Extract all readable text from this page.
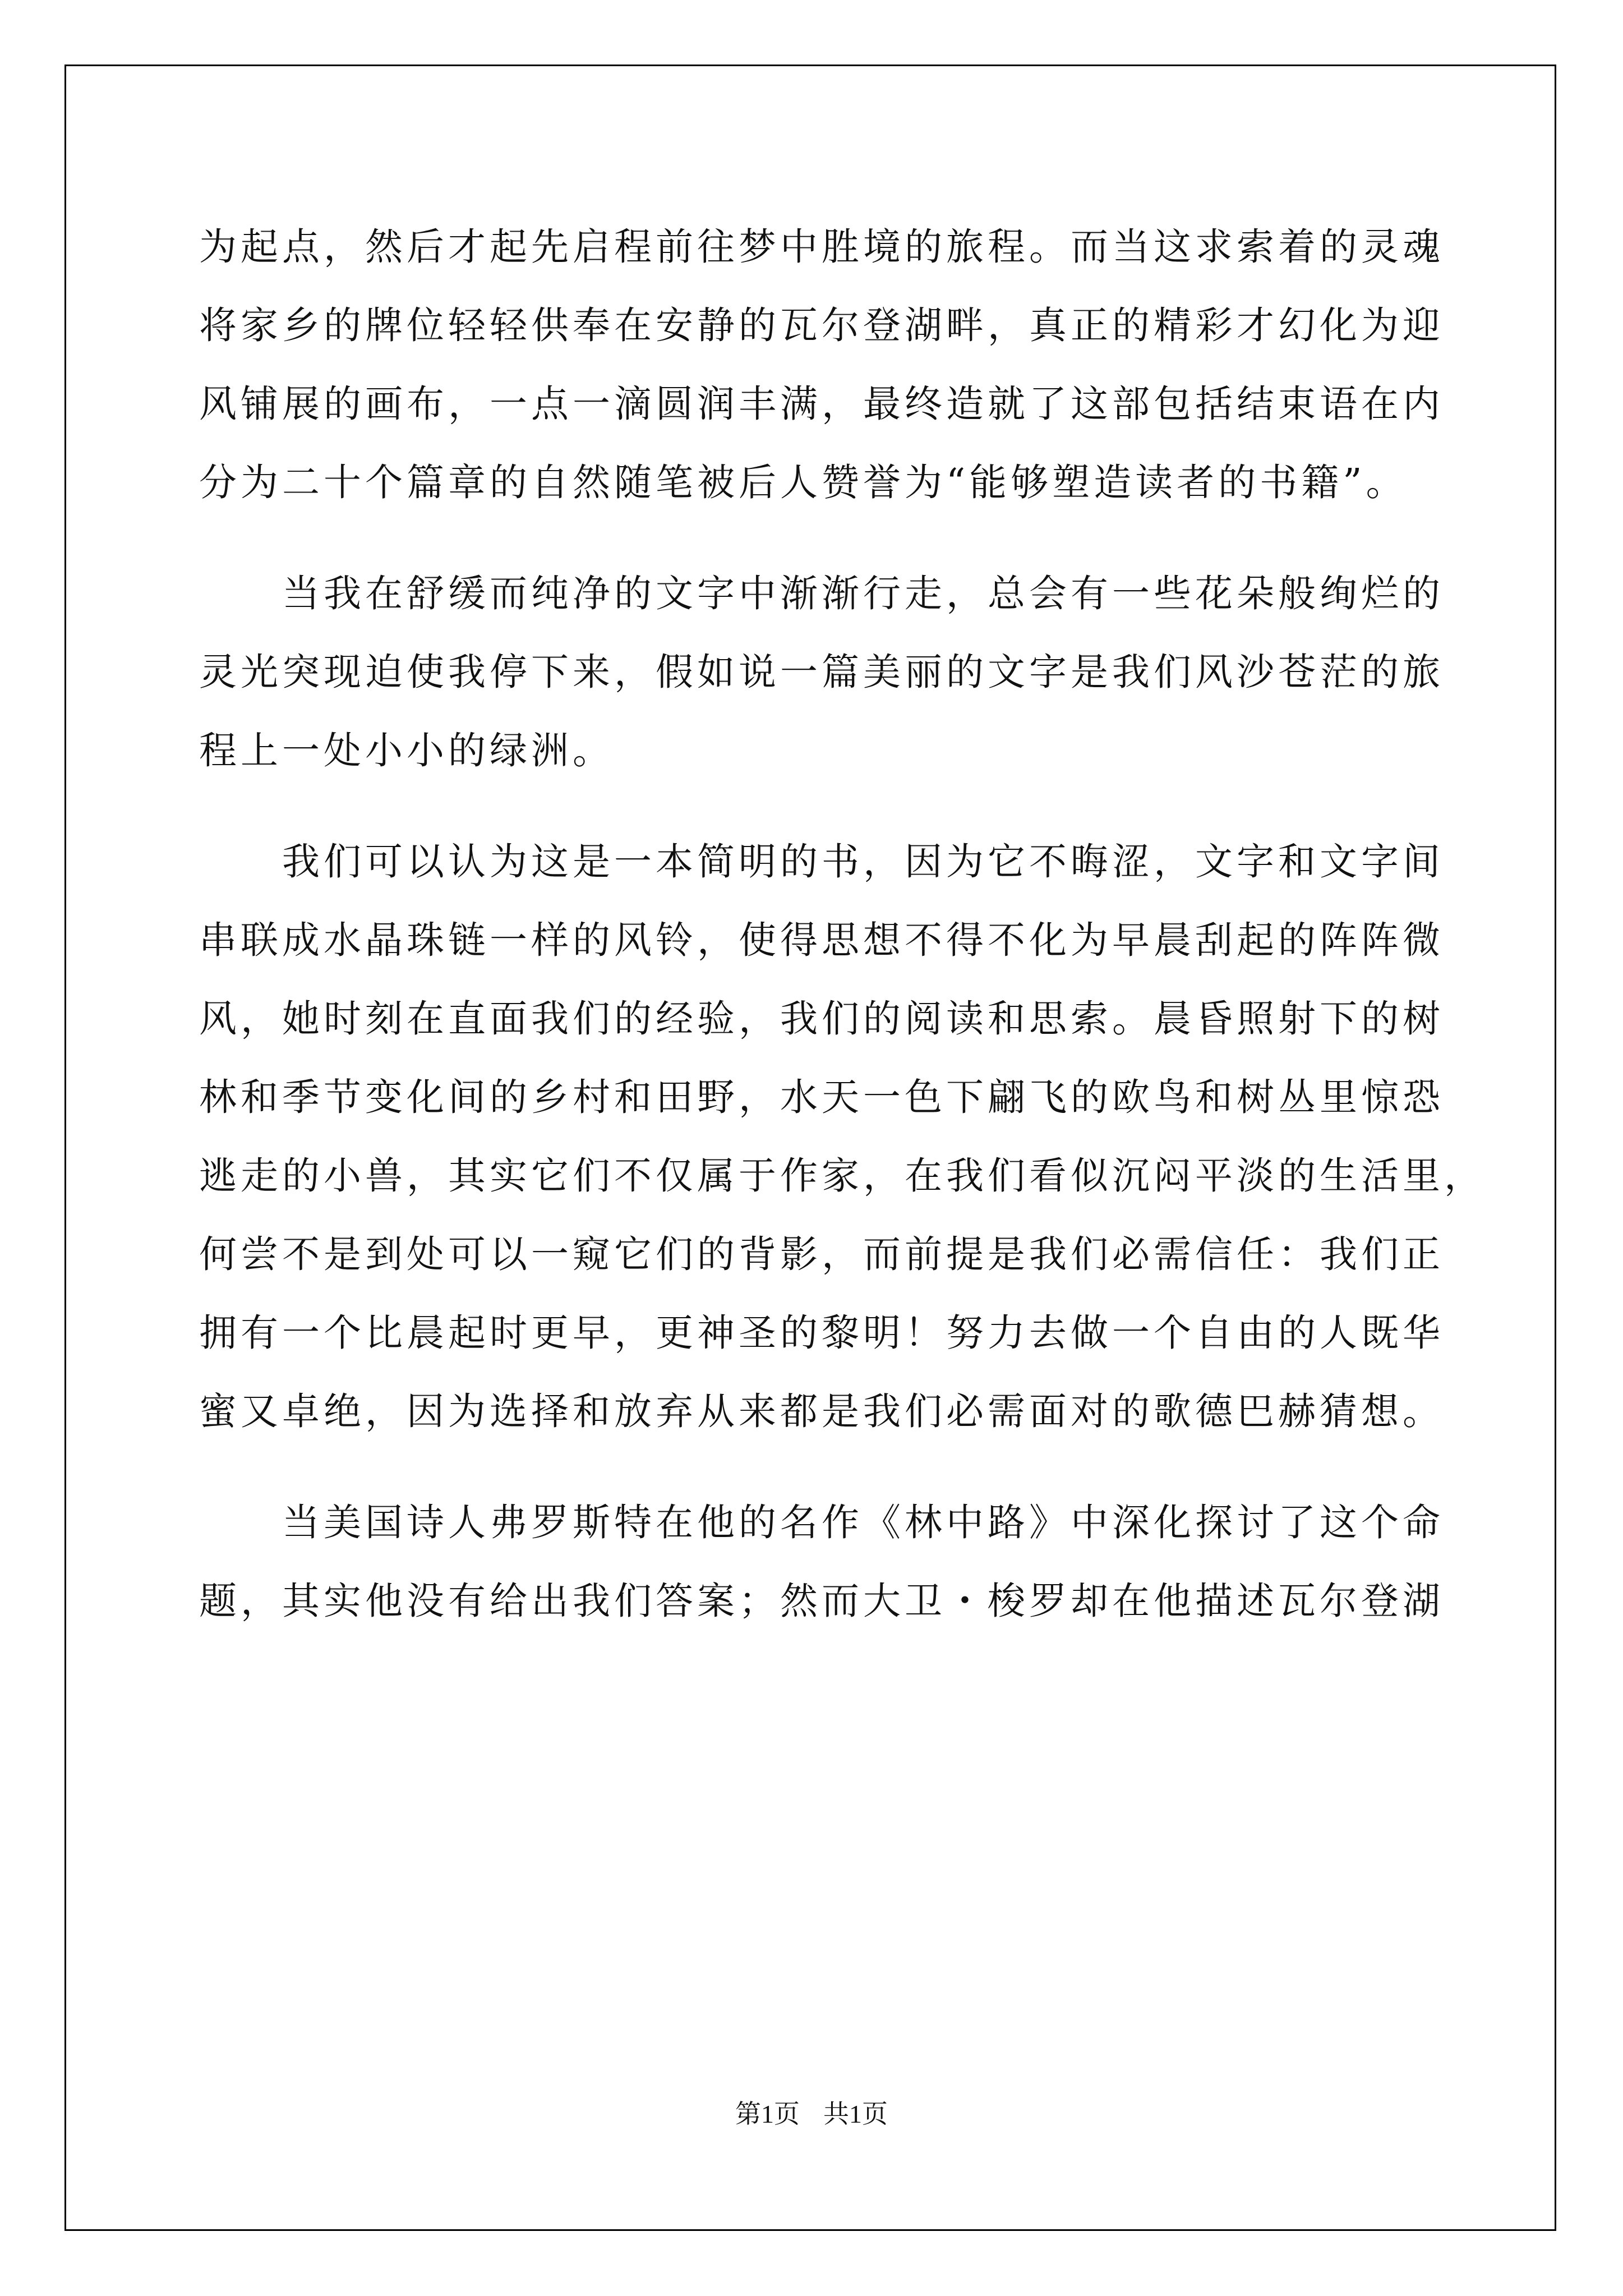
为起点，然后才起先启程前往梦中胜境的旅程。而当这求索着的灵魂
将家乡的牌位轻轻供奉在安静的瓦尔登湖畔，真正的精彩才幻化为迎
风铺展的画布，一点一滴圆润丰满，最终造就了这部包括结束语在内
分为二十个篇章的自然随笔被后人赞誉为“能够塑造读者的书籍”。
当我在舒缓而纯净的文字中渐渐行走，总会有一些花朵般绚烂的
灵光突现迫使我停下来，假如说一篇美丽的文字是我们风沙苍茫的旅
程上一处小小的绿洲。
我们可以认为这是一本简明的书，因为它不晦涩，文字和文字间
串联成水晶珠链一样的风铃，使得思想不得不化为早晨刮起的阵阵微
风，她时刻在直面我们的经验，我们的阅读和思索。晨昏照射下的树
林和季节变化间的乡村和田野，水天一色下翩飞的欧鸟和树丛里惊恐
逃走的小兽，其实它们不仅属于作家，在我们看似沉闷平淡的生活里，
何尝不是到处可以一窥它们的背影，而前提是我们必需信任：我们正
拥有一个比晨起时更早，更神圣的黎明！努力去做一个自由的人既华
蜜又卓绝，因为选择和放弃从来都是我们必需面对的歌德巴赫猜想。
当美国诗人弗罗斯特在他的名作《林中路》中深化探讨了这个命
题，其实他没有给出我们答案；然而大卫・梭罗却在他描述瓦尔登湖
第1页 共1页
